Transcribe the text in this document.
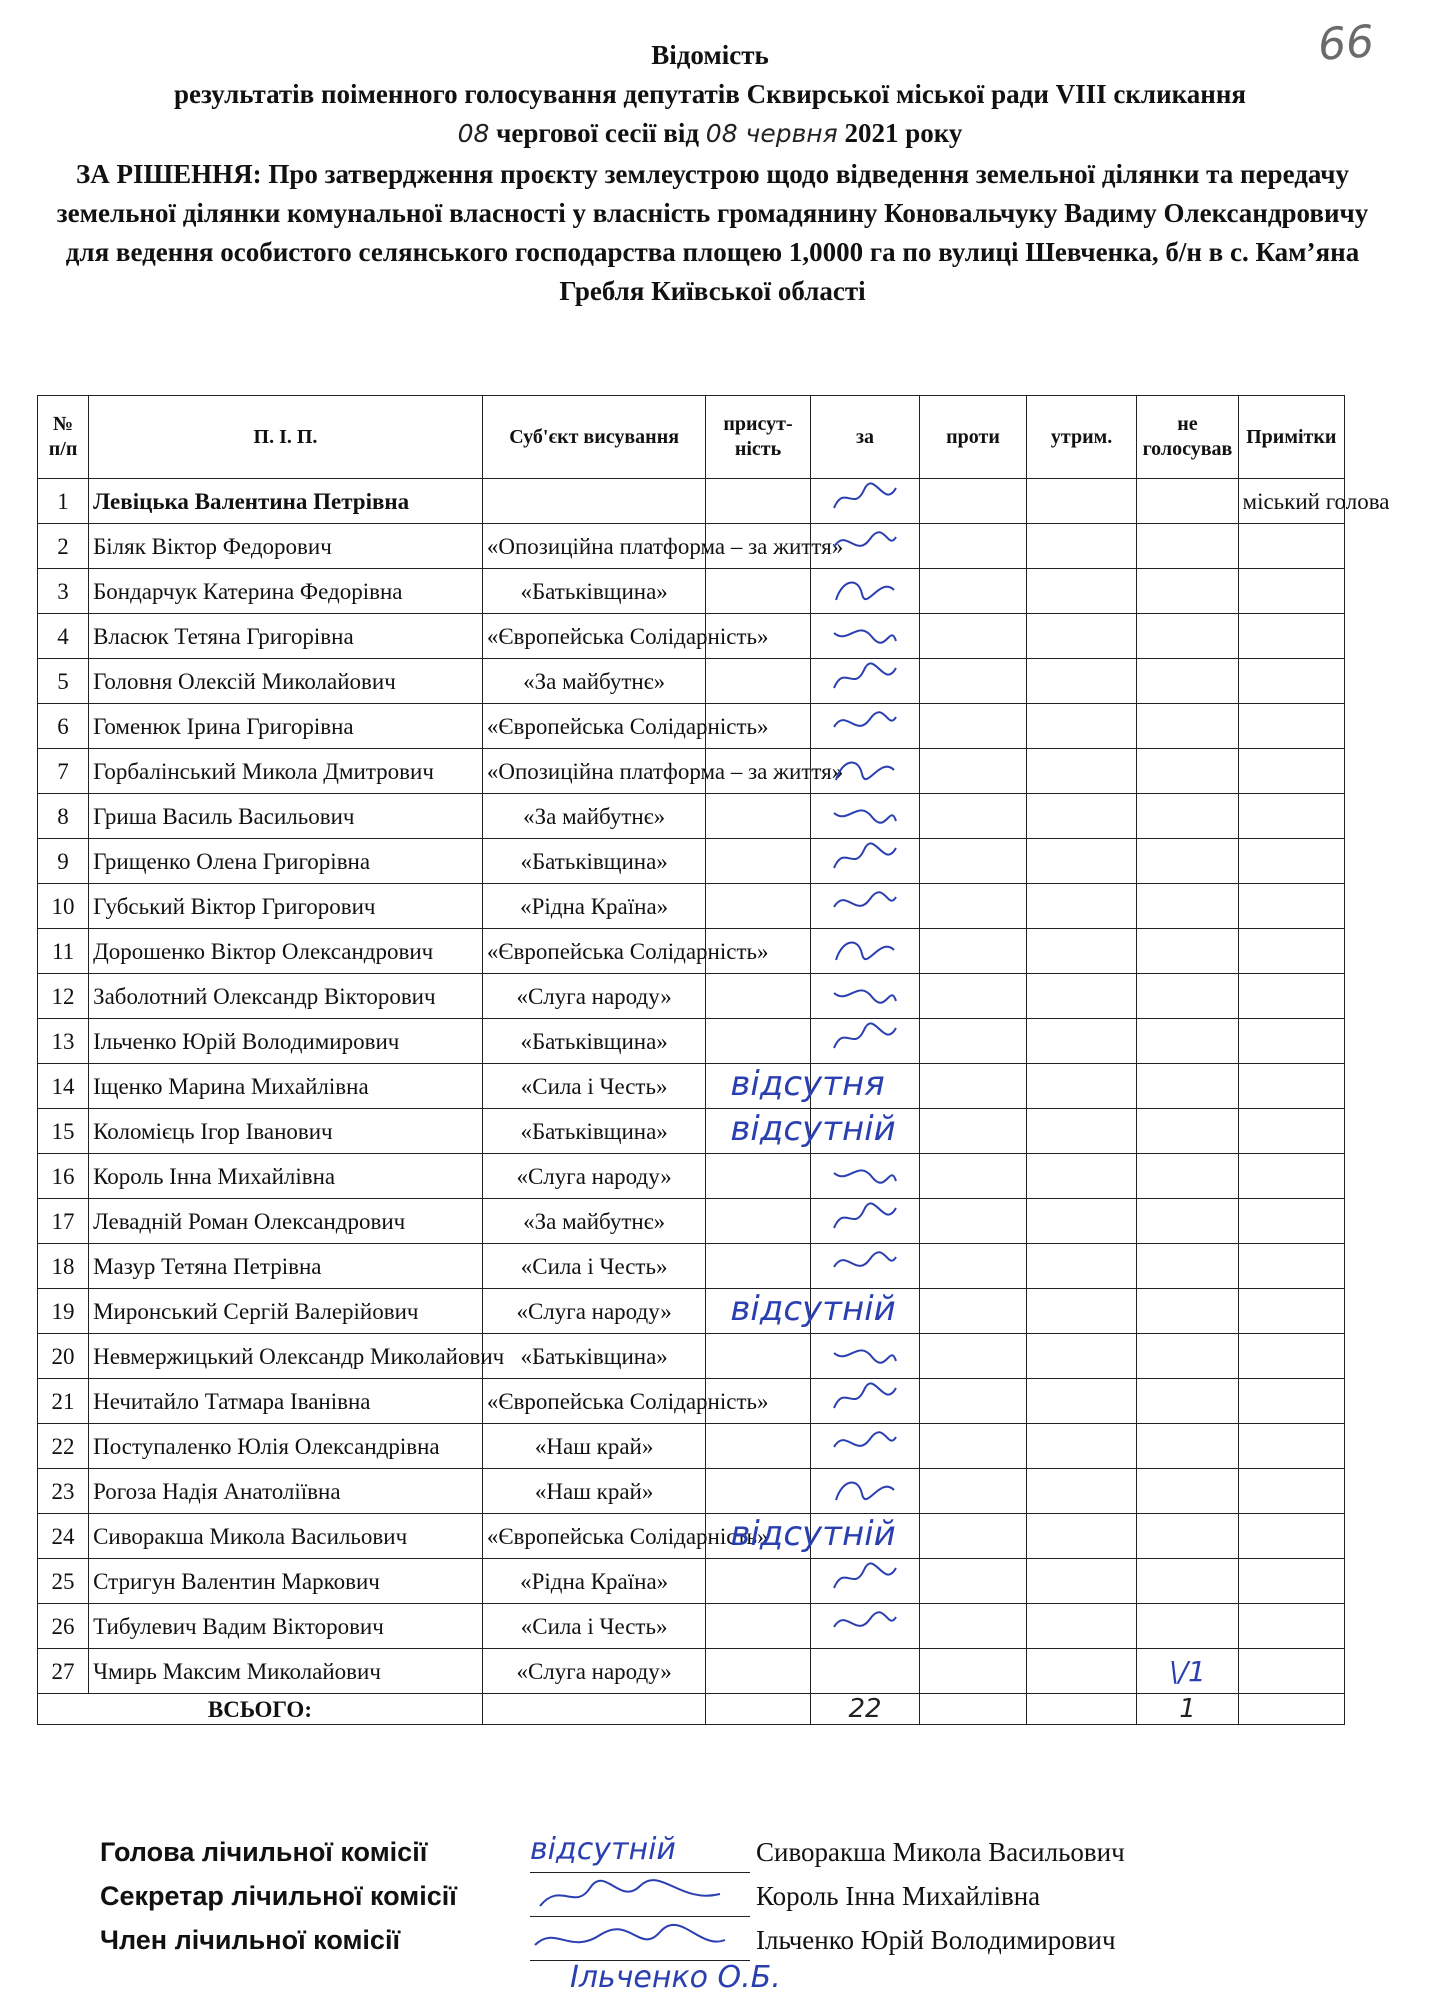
66

Відомість

результатів поіменного голосування депутатів Сквирської міської ради VIII скликання

08 чергової сесії від 08 червня 2021 року

ЗА РІШЕННЯ: Про затвердження проєкту землеустрою щодо відведення земельної ділянки та передачу земельної ділянки комунальної власності у власність громадянину Коновальчуку Вадиму Олександровичу для ведення особистого селянського господарства площею 1,0000 га по вулиці Шевченка, б/н в с. Кам’яна Гребля Київської області
№ п/п	П. І. П.	Суб'єкт висування	присут-ність	за	проти	утрим.	не голосував	Примітки
1	Левіцька Валентина Петрівна							міський голова
2	Біляк Віктор Федорович	«Опозиційна платформа – за життя»						
3	Бондарчук Катерина Федорівна	«Батьківщина»						
4	Власюк Тетяна Григорівна	«Європейська Солідарність»						
5	Головня Олексій Миколайович	«За майбутнє»						
6	Гоменюк Ірина Григорівна	«Європейська Солідарність»						
7	Горбалінський Микола Дмитрович	«Опозиційна платформа – за життя»						
8	Гриша Василь Васильович	«За майбутнє»						
9	Грищенко Олена Григорівна	«Батьківщина»						
10	Губський Віктор Григорович	«Рідна Країна»						
11	Дорошенко Віктор Олександрович	«Європейська Солідарність»						
12	Заболотний Олександр Вікторович	«Слуга народу»						
13	Ільченко Юрій Володимирович	«Батьківщина»						
14	Іщенко Марина Михайлівна	«Сила і Честь»	відсутня					
15	Коломієць Ігор Іванович	«Батьківщина»	відсутній					
16	Король Інна Михайлівна	«Слуга народу»						
17	Левадній Роман Олександрович	«За майбутнє»						
18	Мазур Тетяна Петрівна	«Сила і Честь»						
19	Миронський Сергій Валерійович	«Слуга народу»	відсутній					
20	Невмержицький Олександр Миколайович	«Батьківщина»						
21	Нечитайло Татмара Іванівна	«Європейська Солідарність»						
22	Поступаленко Юлія Олександрівна	«Наш край»						
23	Рогоза Надія Анатоліївна	«Наш край»						
24	Сиворакша Микола Васильович	«Європейська Солідарність»	відсутній					
25	Стригун Валентин Маркович	«Рідна Країна»						
26	Тибулевич Вадим Вікторович	«Сила і Честь»						
27	Чмирь Максим Миколайович	«Слуга народу»					\/1	
ВСЬОГО:				22			1	
Голова лічильної комісії	відсутній	Сиворакша Микола Васильович
Секретар лічильної комісії	Король Інна Михайлівна
Член лічильної комісії	Ільченко Юрій Володимирович
Ільченко О.Б.
